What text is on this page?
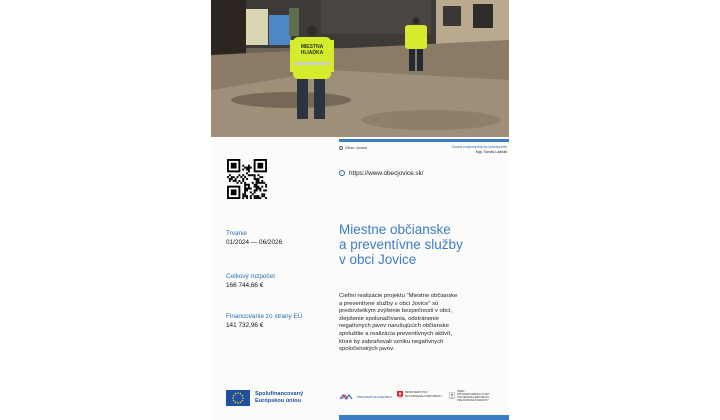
MIESTNA
HLIADKA
Obec Jovice	Osoba zodpovedná za uverejnenie
Mgr. Tomáš Ladňák
https://www.obecjovice.sk/
Trvanie
01/2024 — 06/2026
Celkový rozpočet
166 744,66 €
Financovanie zo strany EÚ
141 732,96 €
Miestne občianske
a preventívne služby
v obci Jovice
Cieľmi realizácie projektu "Miestne občianske
a preventívne služby v obci Jovice" sú
predovšetkým zvýšenie bezpečnosti v obci,
zlepšenie spolunažívania, odstránenie
negatívnych javov narušujúcich občianske
spolužitie a realizácia preventívnych aktivít,
ktoré by zabraňovali vzniku negatívnych
spoločenských javov.
Spolufinancovaný
Európskou úniou
PROGRAM SLOVENSKO
MINISTERSTVO
SLOVENSKEJ REPUBLIKY
ÚRAD
SPLNOMOCNENCA VLÁDY
SLOVENSKEJ REPUBLIKY
PRE RÓMSKE KOMUNITY
